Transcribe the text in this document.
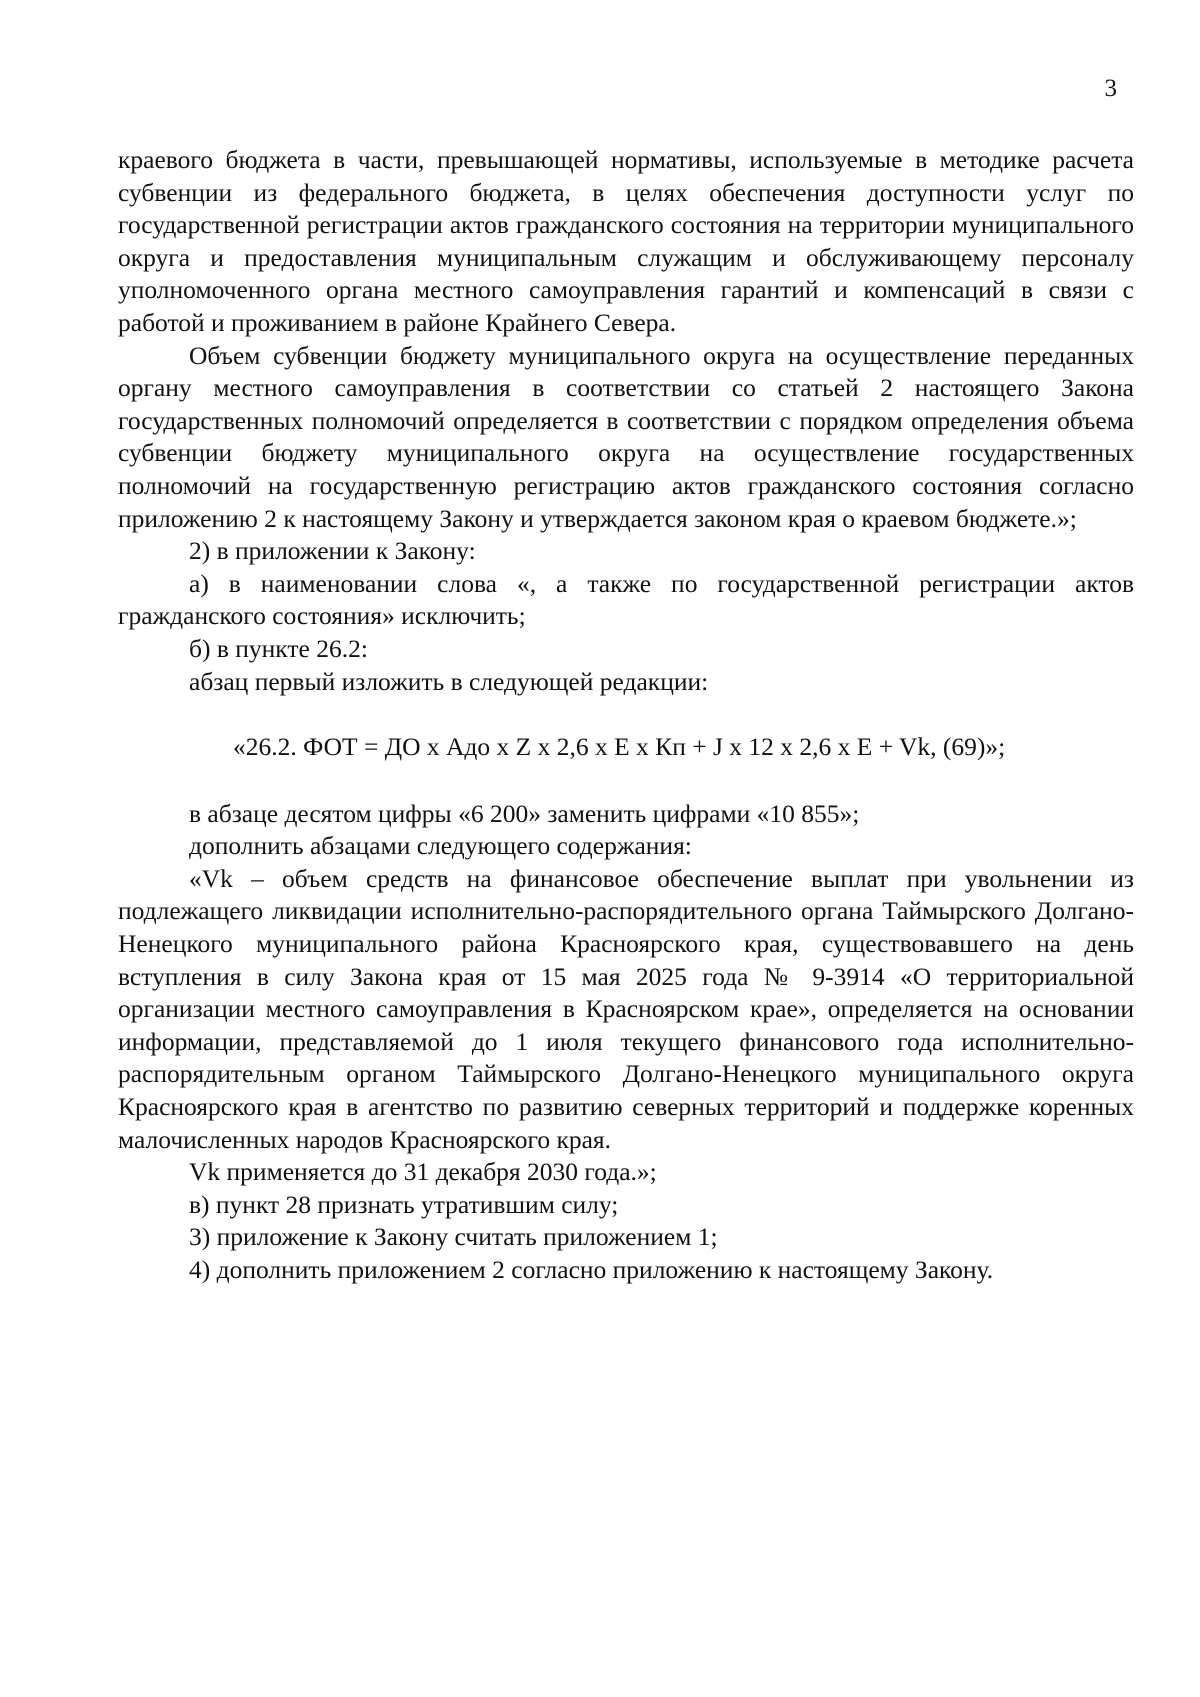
3

краевого бюджета в части, превышающей нормативы, используемые в методике расчета субвенции из федерального бюджета, в целях обеспечения доступности услуг по государственной регистрации актов гражданского состояния на территории муниципального округа и предоставления муниципальным служащим и обслуживающему персоналу уполномоченного органа местного самоуправления гарантий и компенсаций в связи с работой и проживанием в районе Крайнего Севера.

Объем субвенции бюджету муниципального округа на осуществление переданных органу местного самоуправления в соответствии со статьей 2 настоящего Закона государственных полномочий определяется в соответствии с порядком определения объема субвенции бюджету муниципального округа на осуществление государственных полномочий на государственную регистрацию актов гражданского состояния согласно приложению 2 к настоящему Закону и утверждается законом края о краевом бюджете.»;

2) в приложении к Закону:

а) в наименовании слова «, а также по государственной регистрации актов гражданского состояния» исключить;

б) в пункте 26.2:

абзац первый изложить в следующей редакции:

«26.2. ФОТ = ДО x Адо x Z x 2,6 x E x Кп + J x 12 x 2,6 x E + Vk, (69)»;

в абзаце десятом цифры «6 200» заменить цифрами «10 855»;

дополнить абзацами следующего содержания:

«Vk – объем средств на финансовое обеспечение выплат при увольнении из подлежащего ликвидации исполнительно-распорядительного органа Таймырского Долгано-Ненецкого муниципального района Красноярского края, существовавшего на день вступления в силу Закона края от 15 мая 2025 года № 9-3914 «О территориальной организации местного самоуправления в Красноярском крае», определяется на основании информации, представляемой до 1 июля текущего финансового года исполнительно-распорядительным органом Таймырского Долгано-Ненецкого муниципального округа Красноярского края в агентство по развитию северных территорий и поддержке коренных малочисленных народов Красноярского края.

Vk применяется до 31 декабря 2030 года.»;

в) пункт 28 признать утратившим силу;

3) приложение к Закону считать приложением 1;

4) дополнить приложением 2 согласно приложению к настоящему Закону.
